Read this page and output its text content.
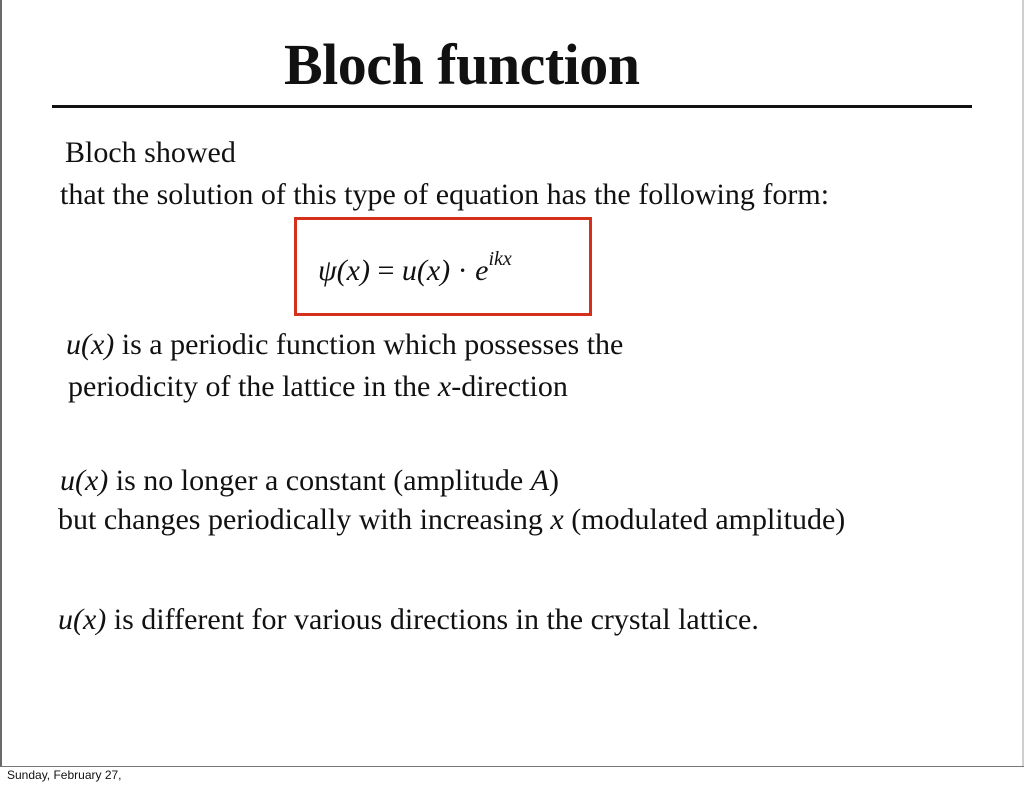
Bloch function
Bloch showed
that the solution of this type of equation has the following form:
$\psi(x) = u(x) \cdot e^{ikx}$
u(x) is a periodic function which possesses the
periodicity of the lattice in the x-direction
u(x) is no longer a constant (amplitude A)
but changes periodically with increasing x (modulated amplitude)
u(x) is different for various directions in the crystal lattice.
Sunday, February 27,
